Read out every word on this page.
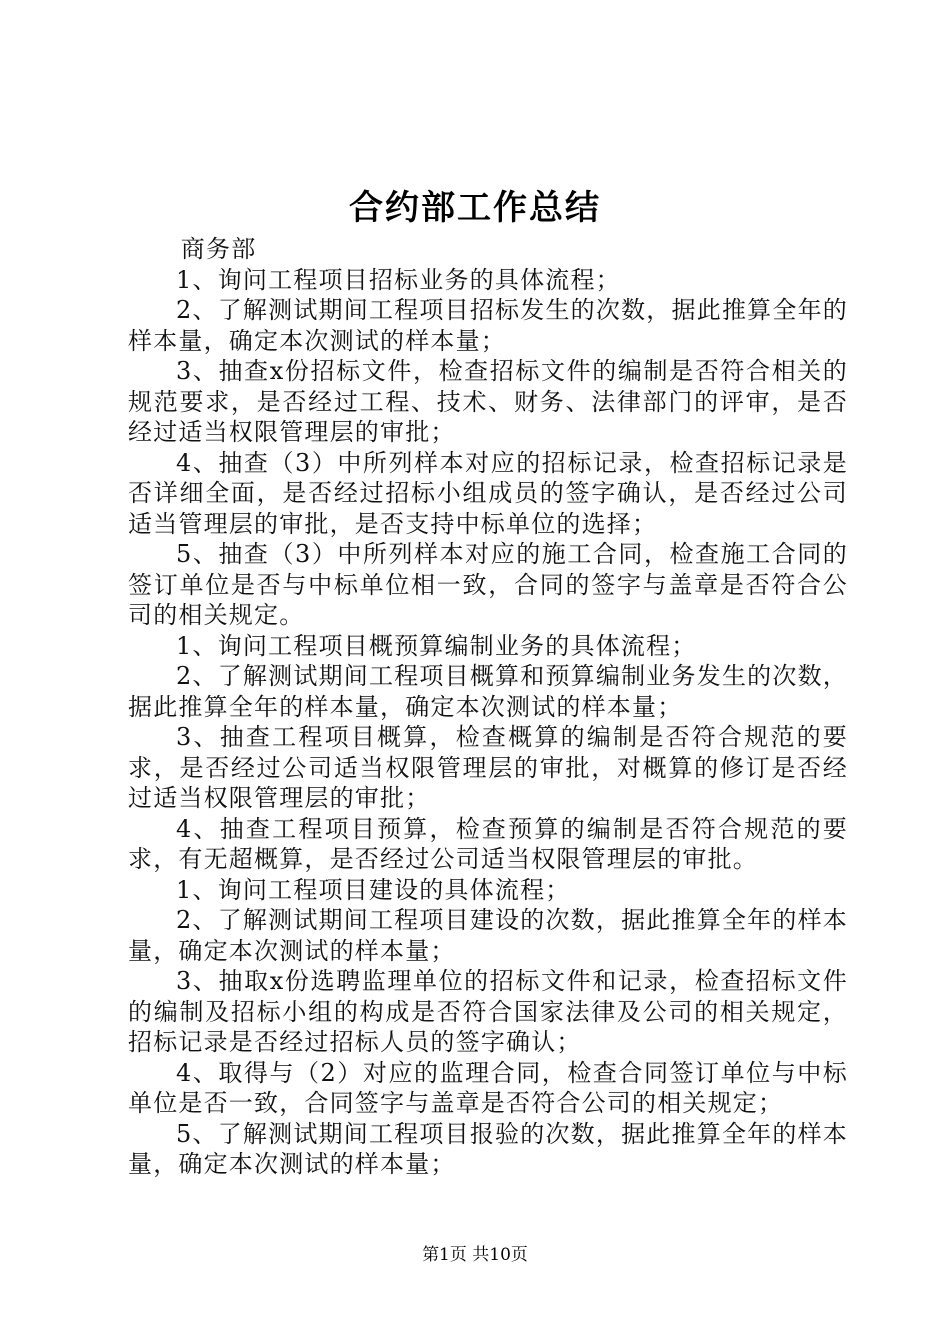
合约部工作总结

商务部

1、询问工程项目招标业务的具体流程；

2、了解测试期间工程项目招标发生的次数，据此推算全年的样本量，确定本次测试的样本量；

3、抽查x份招标文件，检查招标文件的编制是否符合相关的规范要求，是否经过工程、技术、财务、法律部门的评审，是否经过适当权限管理层的审批；

4、抽查（3）中所列样本对应的招标记录，检查招标记录是否详细全面，是否经过招标小组成员的签字确认，是否经过公司适当管理层的审批，是否支持中标单位的选择；

5、抽查（3）中所列样本对应的施工合同，检查施工合同的签订单位是否与中标单位相一致，合同的签字与盖章是否符合公司的相关规定。

1、询问工程项目概预算编制业务的具体流程；

2、了解测试期间工程项目概算和预算编制业务发生的次数，据此推算全年的样本量，确定本次测试的样本量；

3、抽查工程项目概算，检查概算的编制是否符合规范的要求，是否经过公司适当权限管理层的审批，对概算的修订是否经过适当权限管理层的审批；

4、抽查工程项目预算，检查预算的编制是否符合规范的要求，有无超概算，是否经过公司适当权限管理层的审批。

1、询问工程项目建设的具体流程；

2、了解测试期间工程项目建设的次数，据此推算全年的样本量，确定本次测试的样本量；

3、抽取x份选聘监理单位的招标文件和记录，检查招标文件的编制及招标小组的构成是否符合国家法律及公司的相关规定，招标记录是否经过招标人员的签字确认；

4、取得与（2）对应的监理合同，检查合同签订单位与中标单位是否一致，合同签字与盖章是否符合公司的相关规定；

5、了解测试期间工程项目报验的次数，据此推算全年的样本量，确定本次测试的样本量；

第1页 共10页
